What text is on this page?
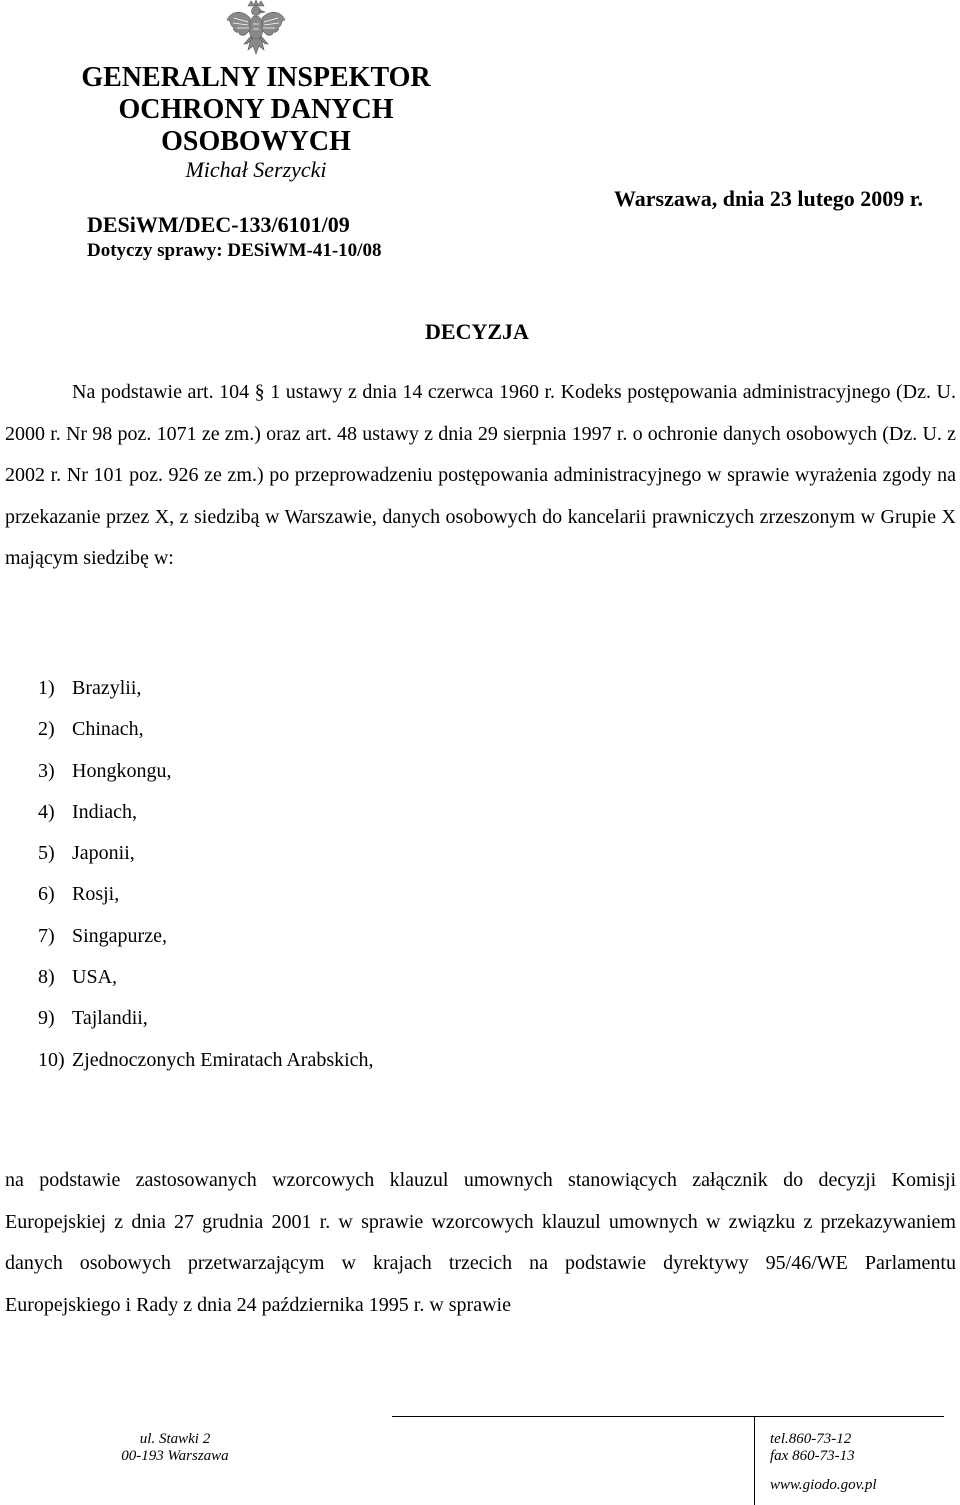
GENERALNY INSPEKTOR
OCHRONY DANYCH
OSOBOWYCH
Michał Serzycki
Warszawa, dnia 23 lutego 2009 r.
DESiWM/DEC-133/6101/09
Dotyczy sprawy: DESiWM-41-10/08
DECYZJA
Na podstawie art. 104 § 1 ustawy z dnia 14 czerwca 1960 r. Kodeks postępowania administracyjnego (Dz. U. 2000 r. Nr 98 poz. 1071 ze zm.) oraz art. 48 ustawy z dnia 29 sierpnia 1997 r. o ochronie danych osobowych (Dz. U. z 2002 r. Nr 101 poz. 926 ze zm.) po przeprowadzeniu postępowania administracyjnego w sprawie wyrażenia zgody na przekazanie przez X, z siedzibą w Warszawie, danych osobowych do kancelarii prawniczych zrzeszonym w Grupie X mającym siedzibę w:
1) Brazylii,
2) Chinach,
3) Hongkongu,
4) Indiach,
5) Japonii,
6) Rosji,
7) Singapurze,
8) USA,
9) Tajlandii,
10) Zjednoczonych Emiratach Arabskich,
na podstawie zastosowanych wzorcowych klauzul umownych stanowiących załącznik do decyzji Komisji Europejskiej z dnia 27 grudnia 2001 r. w sprawie wzorcowych klauzul umownych w związku z przekazywaniem danych osobowych przetwarzającym w krajach trzecich na podstawie dyrektywy 95/46/WE Parlamentu Europejskiego i Rady z dnia 24 października 1995 r. w sprawie
ul. Stawki 2
00-193 Warszawa
tel.860-73-12
fax 860-73-13
www.giodo.gov.pl
